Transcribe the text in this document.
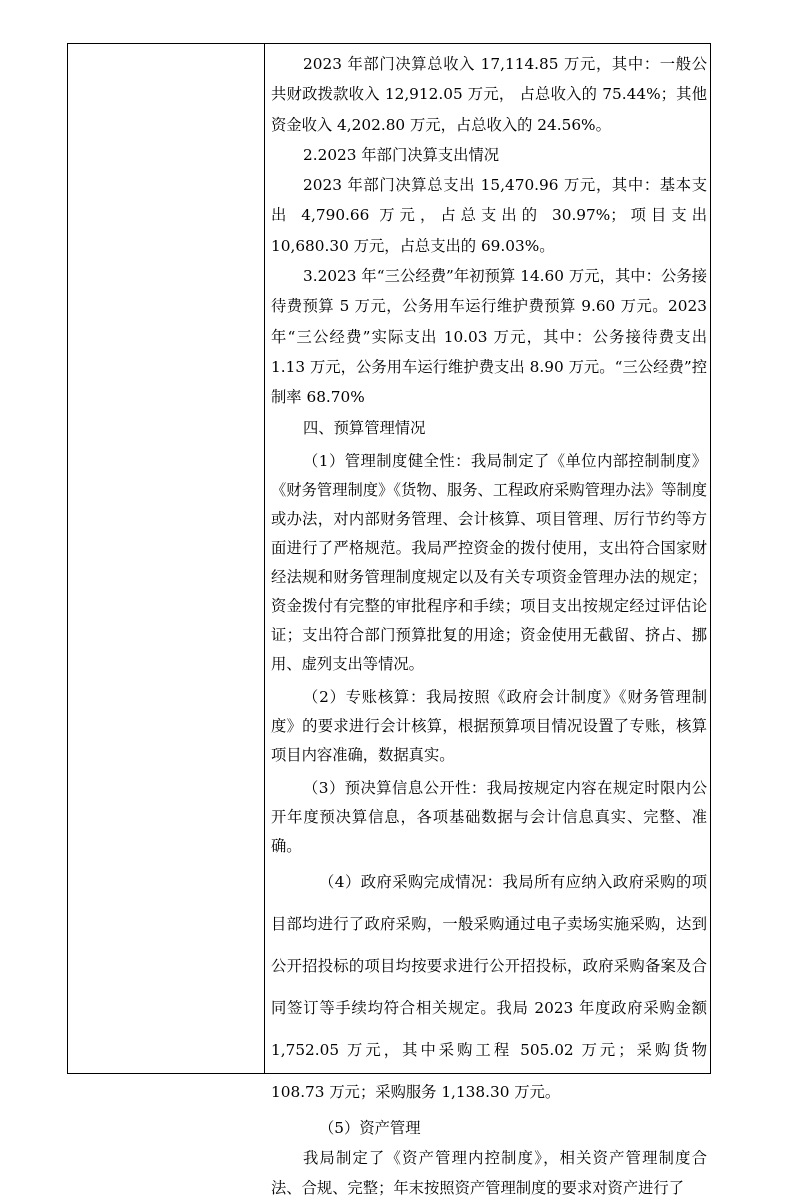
2023 年部门决算总收入 17,114.85 万元，其中：一般公共财政拨款收入 12,912.05 万元， 占总收入的 75.44%；其他资金收入 4,202.80 万元，占总收入的 24.56%。

2.2023 年部门决算支出情况

2023 年部门决算总支出 15,470.96 万元，其中：基本支出 4,790.66 万元，占总支出的 30.97%；项目支出 10,680.30 万元，占总支出的 69.03%。

3.2023 年“三公经费”年初预算 14.60 万元，其中：公务接待费预算 5 万元，公务用车运行维护费预算 9.60 万元。2023 年“三公经费”实际支出 10.03 万元，其中：公务接待费支出 1.13 万元，公务用车运行维护费支出 8.90 万元。“三公经费”控制率 68.70%

四、预算管理情况

（1）管理制度健全性：我局制定了《单位内部控制制度》《财务管理制度》《货物、服务、工程政府采购管理办法》等制度或办法，对内部财务管理、会计核算、项目管理、厉行节约等方面进行了严格规范。我局严控资金的拨付使用，支出符合国家财经法规和财务管理制度规定以及有关专项资金管理办法的规定；资金拨付有完整的审批程序和手续；项目支出按规定经过评估论证；支出符合部门预算批复的用途；资金使用无截留、挤占、挪用、虚列支出等情况。

（2）专账核算：我局按照《政府会计制度》《财务管理制度》的要求进行会计核算，根据预算项目情况设置了专账，核算项目内容准确，数据真实。

（3）预决算信息公开性：我局按规定内容在规定时限内公开年度预决算信息，各项基础数据与会计信息真实、完整、准确。

（4）政府采购完成情况：我局所有应纳入政府采购的项目部均进行了政府采购，一般采购通过电子卖场实施采购，达到公开招投标的项目均按要求进行公开招投标，政府采购备案及合同签订等手续均符合相关规定。我局 2023 年度政府采购金额 1,752.05 万元，其中采购工程 505.02 万元；采购货物 108.73 万元；采购服务 1,138.30 万元。

（5）资产管理

我局制定了《资产管理内控制度》，相关资产管理制度合法、合规、完整；年末按照资产管理制度的要求对资产进行了
